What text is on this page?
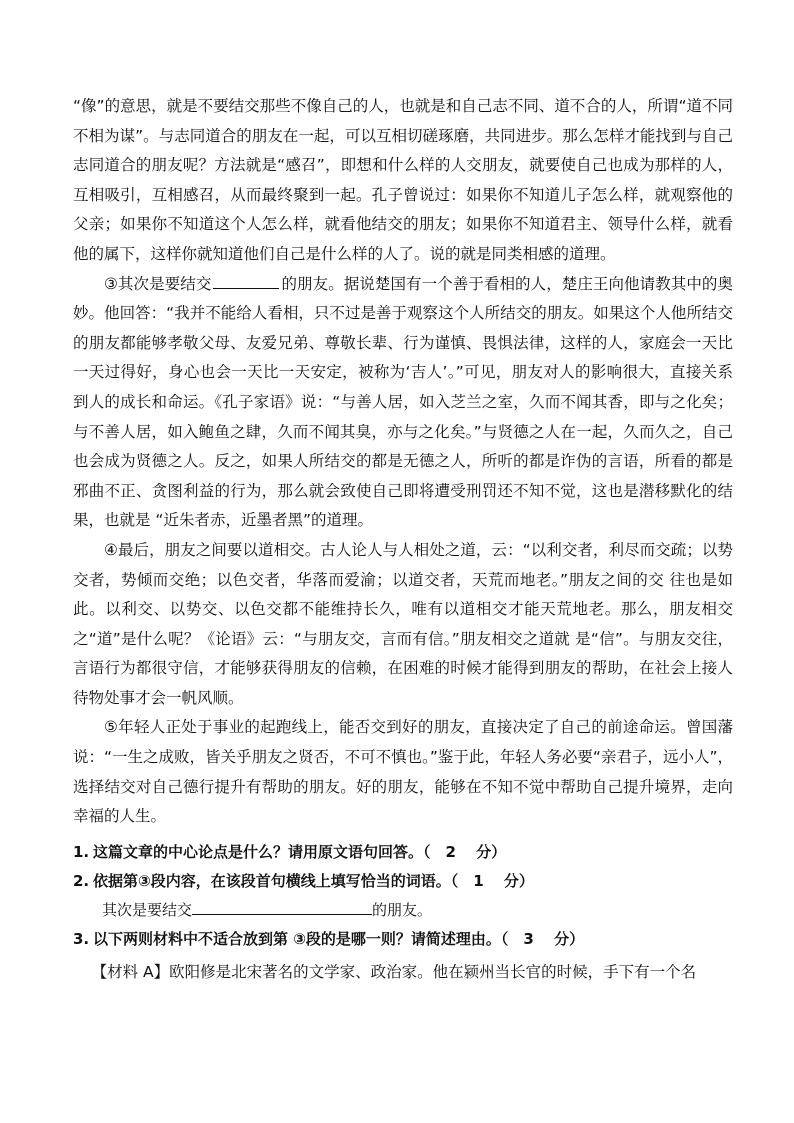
“像”的意思，就是不要结交那些不像自己的人，也就是和自己志不同、道不合的人，所谓“道不同不相为谋”。与志同道合的朋友在一起，可以互相切磋琢磨，共同进步。那么怎样才能找到与自己志同道合的朋友呢？方法就是“感召”，即想和什么样的人交朋友，就要使自己也成为那样的人，互相吸引，互相感召，从而最终聚到一起。孔子曾说过：如果你不知道儿子怎么样，就观察他的父亲；如果你不知道这个人怎么样，就看他结交的朋友；如果你不知道君主、领导什么样，就看他的属下，这样你就知道他们自己是什么样的人了。说的就是同类相感的道理。

③其次是要结交	的朋友。据说楚国有一个善于看相的人，楚庄王向他请教其中的奥妙。他回答：“我并不能给人看相，只不过是善于观察这个人所结交的朋友。如果这个人他所结交的朋友都能够孝敬父母、友爱兄弟、尊敬长辈、行为谨慎、畏惧法律，这样的人，家庭会一天比一天过得好，身心也会一天比一天安定，被称为‘吉人’。”可见，朋友对人的影响很大，直接关系到人的成长和命运。《孔子家语》说：“与善人居，如入芝兰之室，久而不闻其香，即与之化矣；与不善人居，如入鲍鱼之肆，久而不闻其臭，亦与之化矣。”与贤德之人在一起，久而久之，自己也会成为贤德之人。反之，如果人所结交的都是无德之人，所听的都是诈伪的言语，所看的都是邪曲不正、贪图利益的行为，那么就会致使自己即将遭受刑罚还不知不觉，这也是潜移默化的结果，也就是 “近朱者赤，近墨者黑”的道理。

④最后，朋友之间要以道相交。古人论人与人相处之道，云：“以利交者，利尽而交疏；以势交者，势倾而交绝；以色交者，华落而爱渝；以道交者，天荒而地老。”朋友之间的交 往也是如此。以利交、以势交、以色交都不能维持长久，唯有以道相交才能天荒地老。那么，朋友相交之“道”是什么呢？《论语》云：“与朋友交，言而有信。”朋友相交之道就 是“信”。与朋友交往，言语行为都很守信，才能够获得朋友的信赖，在困难的时候才能得到朋友的帮助，在社会上接人待物处事才会一帆风顺。

⑤年轻人正处于事业的起跑线上，能否交到好的朋友，直接决定了自己的前途命运。曾国藩说：“一生之成败，皆关乎朋友之贤否，不可不慎也。”鉴于此，年轻人务必要“亲君子，远小人”，选择结交对自己德行提升有帮助的朋友。好的朋友，能够在不知不觉中帮助自己提升境界，走向幸福的人生。

1. 这篇文章的中心论点是什么？请用原文语句回答。（　2　 分）

2. 依据第③段内容，在该段首句横线上填写恰当的词语。（　1　 分）

其次是要结交	的朋友。

3. 以下两则材料中不适合放到第 ③段的是哪一则？请简述理由。（　3　 分）

【材料 A】欧阳修是北宋著名的文学家、政治家。他在颍州当长官的时候，手下有一个名
